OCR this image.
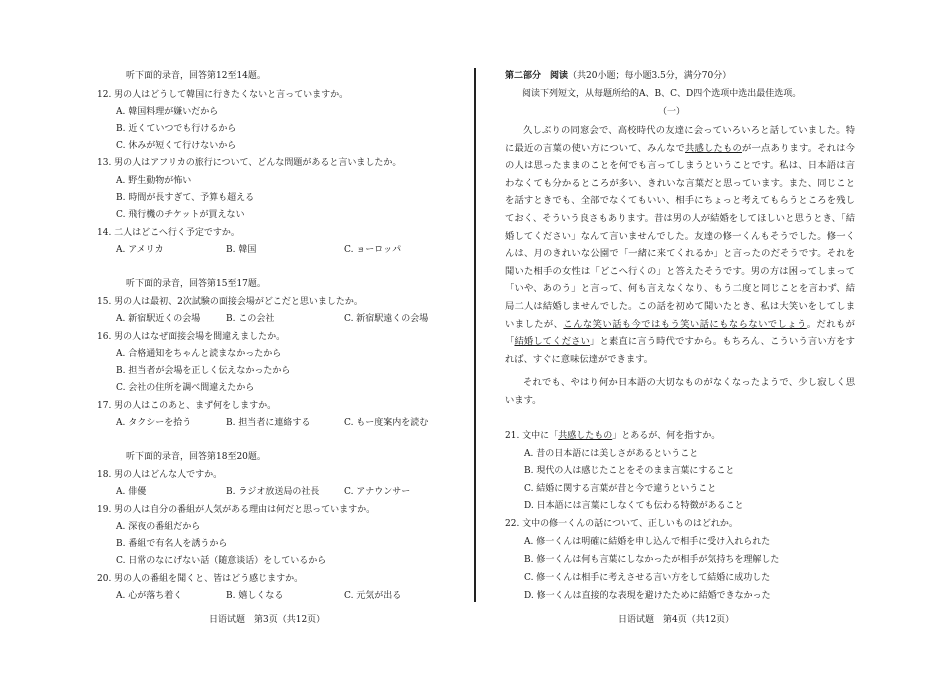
听下面的录音，回答第12至14题。
12. 男の人はどうして韓国に行きたくないと言っていますか。
A. 韓国料理が嫌いだから
B. 近くていつでも行けるから
C. 休みが短くて行けないから
13. 男の人はアフリカの旅行について、どんな問題があると言いましたか。
A. 野生動物が怖い
B. 時間が長すぎて、予算も超える
C. 飛行機のチケットが買えない
14. 二人はどこへ行く予定ですか。
A. アメリカ	B. 韓国	C. ョーロッパ
听下面的录音，回答第15至17题。
15. 男の人は最初、2次試験の面接会場がどこだと思いましたか。
A. 新宿駅近くの会場	B. この会社	C. 新宿駅遠くの会場
16. 男の人はなぜ面接会場を間違えましたか。
A. 合格通知をちゃんと読まなかったから
B. 担当者が会場を正しく伝えなかったから
C. 会社の住所を調べ間違えたから
17. 男の人はこのあと、まず何をしますか。
A. タクシーを拾う	B. 担当者に連絡する	C. もー度案内を読む
听下面的录音，回答第18至20题。
18. 男の人はどんな人ですか。
A. 俳優	B. ラジオ放送局の社長	C. アナウンサー
19. 男の人は自分の番組が人気がある理由は何だと思っていますか。
A. 深夜の番組だから
B. 番組で有名人を誘うから
C. 日常のなにげない話（随意谈话）をしているから
20. 男の人の番組を聞くと、皆はどう感じますか。
A. 心が落ち着く	B. 嬉しくなる	C. 元気が出る
日语试题　第3页（共12页）
第二部分　阅读（共20小题；每小题3.5分，满分70分）
阅读下列短文，从每题所给的A、B、C、D四个选项中选出最佳选项。
（一）
久しぶりの同窓会で、高校時代の友達に会っていろいろと話していました。特に最近の言葉の使い方について、みんなで共感したものが一点あります。それは今の人は思ったままのことを何でも言ってしまうということです。私は、日本語は言わなくても分かるところが多い、きれいな言葉だと思っています。また、同じことを話すときでも、全部でなくてもいい、相手にちょっと考えてもらうところを残しておく、そういう良さもあります。昔は男の人が結婚をしてほしいと思うとき、「結婚してください」なんて言いませんでした。友達の修一くんもそうでした。修一くんは、月のきれいな公園で「一緒に来てくれるか」と言ったのだそうです。それを聞いた相手の女性は「どこへ行くの」と答えたそうです。男の方は困ってしまって「いや、あのう」と言って、何も言えなくなり、もう二度と同じことを言わず、結局二人は結婚しませんでした。この話を初めて聞いたとき、私は大笑いをしてしまいましたが、こんな笑い話も今ではもう笑い話にもならないでしょう。だれもが「結婚してください」と素直に言う時代ですから。もちろん、こういう言い方をすれば、すぐに意味伝達ができます。
それでも、やはり何か日本語の大切なものがなくなったようで、少し寂しく思います。
21. 文中に「共感したもの」とあるが、何を指すか。
A. 昔の日本語には美しさがあるということ
B. 現代の人は感じたことをそのまま言葉にすること
C. 結婚に関する言葉が昔と今で違うということ
D. 日本語には言葉にしなくても伝わる特徴があること
22. 文中の修一くんの話について、正しいものはどれか。
A. 修一くんは明確に結婚を申し込んで相手に受け入れられた
B. 修一くんは何も言葉にしなかったが相手が気持ちを理解した
C. 修一くんは相手に考えさせる言い方をして結婚に成功した
D. 修一くんは直接的な表現を避けたために結婚できなかった
日语试题　第4页（共12页）
